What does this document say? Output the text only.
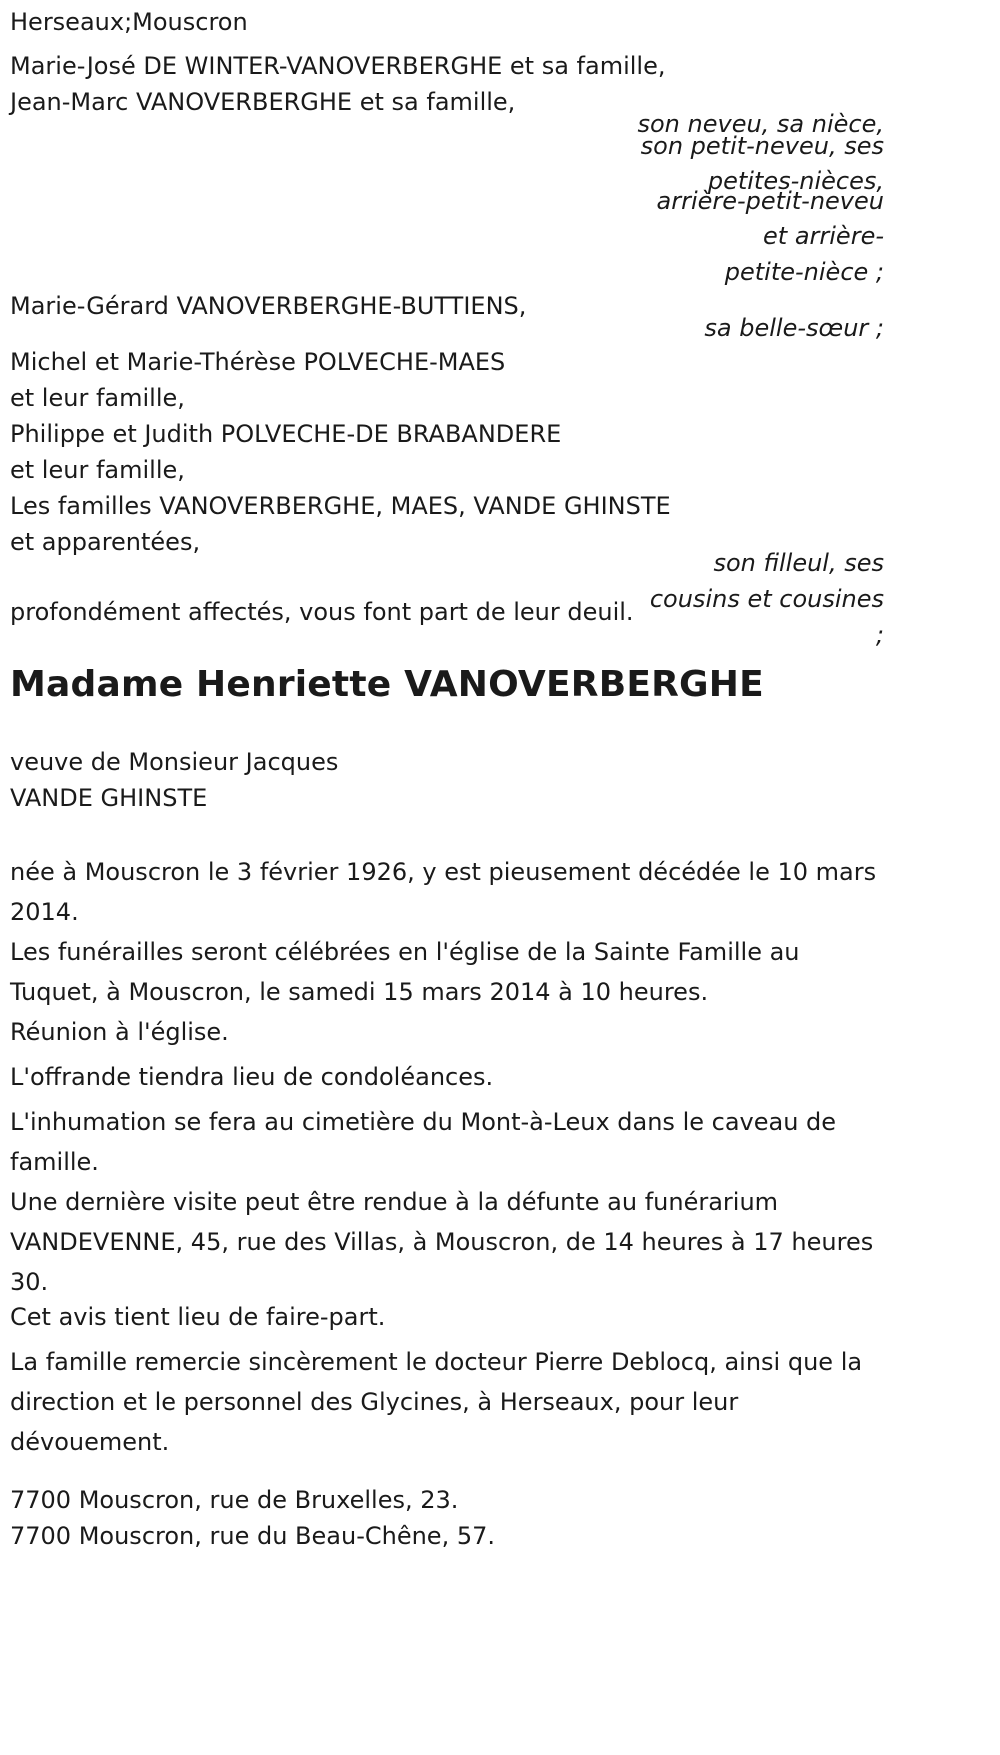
Herseaux;Mouscron
Marie-José DE WINTER-VANOVERBERGHE et sa famille,
Jean-Marc VANOVERBERGHE et sa famille,
Marie-Gérard VANOVERBERGHE-BUTTIENS,
Michel et Marie-Thérèse POLVECHE-MAES
et leur famille,
Philippe et Judith POLVECHE-DE BRABANDERE
et leur famille,
Les familles VANOVERBERGHE, MAES, VANDE GHINSTE
et apparentées,
profondément affectés, vous font part de leur deuil.
son neveu, sa nièce,
son petit-neveu, ses
petites-nièces,
arrière-petit-neveu
et arrière-
petite-nièce ;
sa belle-sœur ;
son filleul, ses
cousins et cousines
;
Madame Henriette VANOVERBERGHE
veuve de Monsieur Jacques
VANDE GHINSTE
née à Mouscron le 3 février 1926, y est pieusement décédée le 10 mars 2014.
Les funérailles seront célébrées en l'église de la Sainte Famille au Tuquet, à Mouscron, le samedi 15 mars 2014 à 10 heures.
Réunion à l'église.
L'offrande tiendra lieu de condoléances.
L'inhumation se fera au cimetière du Mont-à-Leux dans le caveau de famille.
Une dernière visite peut être rendue à la défunte au funérarium VANDEVENNE, 45, rue des Villas, à Mouscron, de 14 heures à 17 heures 30.
Cet avis tient lieu de faire-part.
La famille remercie sincèrement le docteur Pierre Deblocq, ainsi que la direction et le personnel des Glycines, à Herseaux, pour leur dévouement.
7700 Mouscron, rue de Bruxelles, 23.
7700 Mouscron, rue du Beau-Chêne, 57.
